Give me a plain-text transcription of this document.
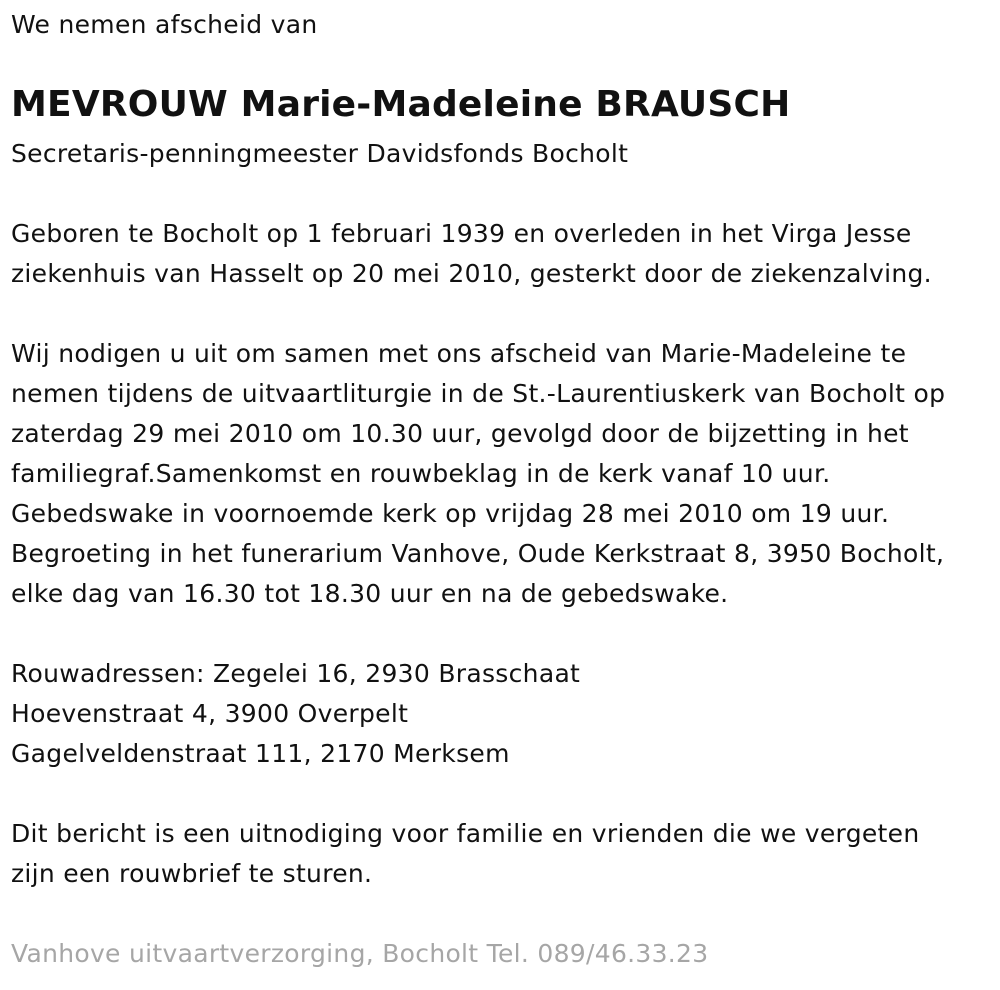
We nemen afscheid van
MEVROUW Marie-Madeleine BRAUSCH
Secretaris-penningmeester Davidsfonds Bocholt
Geboren te Bocholt op 1 februari 1939 en overleden in het Virga Jesse
ziekenhuis van Hasselt op 20 mei 2010, gesterkt door de ziekenzalving.
Wij nodigen u uit om samen met ons afscheid van Marie-Madeleine te
nemen tijdens de uitvaartliturgie in de St.-Laurentiuskerk van Bocholt op
zaterdag 29 mei 2010 om 10.30 uur, gevolgd door de bijzetting in het
familiegraf.Samenkomst en rouwbeklag in de kerk vanaf 10 uur.
Gebedswake in voornoemde kerk op vrijdag 28 mei 2010 om 19 uur.
Begroeting in het funerarium Vanhove, Oude Kerkstraat 8, 3950 Bocholt,
elke dag van 16.30 tot 18.30 uur en na de gebedswake.
Rouwadressen: Zegelei 16, 2930 Brasschaat
Hoevenstraat 4, 3900 Overpelt
Gagelveldenstraat 111, 2170 Merksem
Dit bericht is een uitnodiging voor familie en vrienden die we vergeten
zijn een rouwbrief te sturen.
Vanhove uitvaartverzorging, Bocholt Tel. 089/46.33.23
